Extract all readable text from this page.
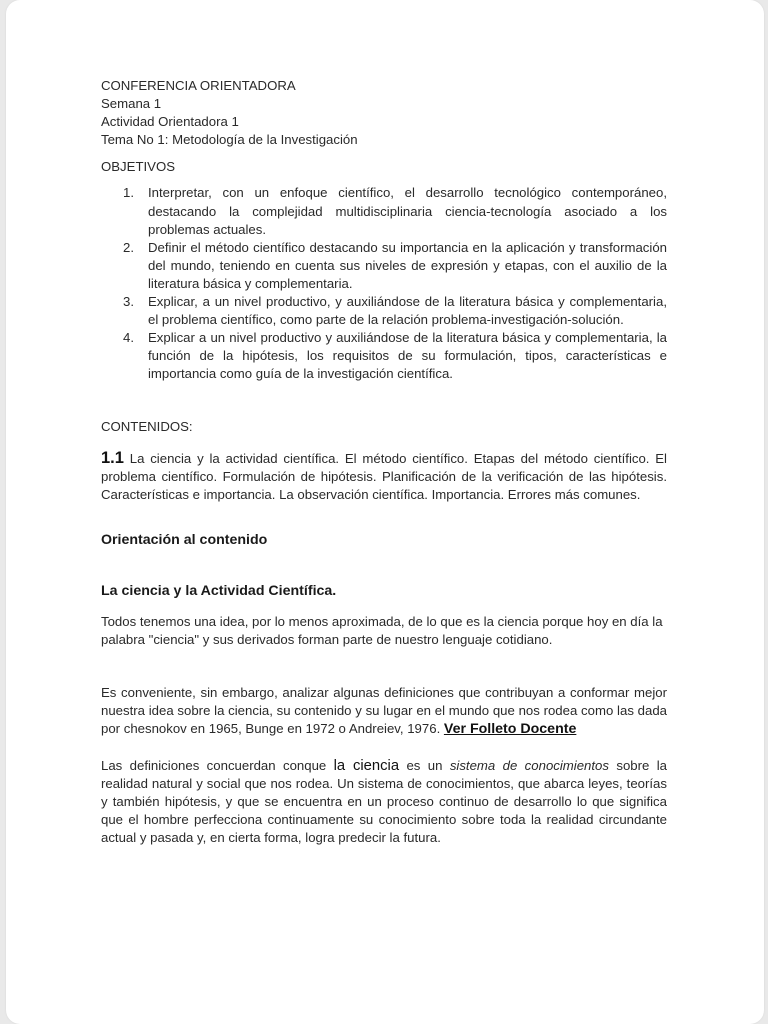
CONFERENCIA ORIENTADORA
Semana 1
Actividad Orientadora 1
Tema No 1: Metodología de la Investigación
OBJETIVOS
1. Interpretar, con un enfoque científico, el desarrollo tecnológico contemporáneo, destacando la complejidad multidisciplinaria ciencia-tecnología asociado a los problemas actuales.
2. Definir el método científico destacando su importancia en la aplicación y transformación del mundo, teniendo en cuenta sus niveles de expresión y etapas, con el auxilio de la literatura básica y complementaria.
3. Explicar, a un nivel productivo, y auxiliándose de la literatura básica y complementaria, el problema científico, como parte de la relación problema-investigación-solución.
4. Explicar a un nivel productivo y auxiliándose de la literatura básica y complementaria, la función de la hipótesis, los requisitos de su formulación, tipos, características e importancia como guía de la investigación científica.
CONTENIDOS:
1.1 La ciencia y la actividad científica. El método científico. Etapas del método científico. El problema científico. Formulación de hipótesis. Planificación de la verificación de las hipótesis. Características e importancia. La observación científica. Importancia. Errores más comunes.
Orientación al contenido
La ciencia y la Actividad Científica.
Todos tenemos una idea, por lo menos aproximada, de lo que es la ciencia porque hoy en día la palabra "ciencia" y sus derivados forman parte de nuestro lenguaje cotidiano.
Es conveniente, sin embargo, analizar algunas definiciones que contribuyan a conformar mejor nuestra idea sobre la ciencia, su contenido y su lugar en el mundo que nos rodea como las dada por chesnokov en 1965, Bunge en 1972 o Andreiev, 1976. Ver Folleto Docente
Las definiciones concuerdan conque la ciencia es un sistema de conocimientos sobre la realidad natural y social que nos rodea. Un sistema de conocimientos, que abarca leyes, teorías y también hipótesis, y que se encuentra en un proceso continuo de desarrollo lo que significa que el hombre perfecciona continuamente su conocimiento sobre toda la realidad circundante actual y pasada y, en cierta forma, logra predecir la futura.
